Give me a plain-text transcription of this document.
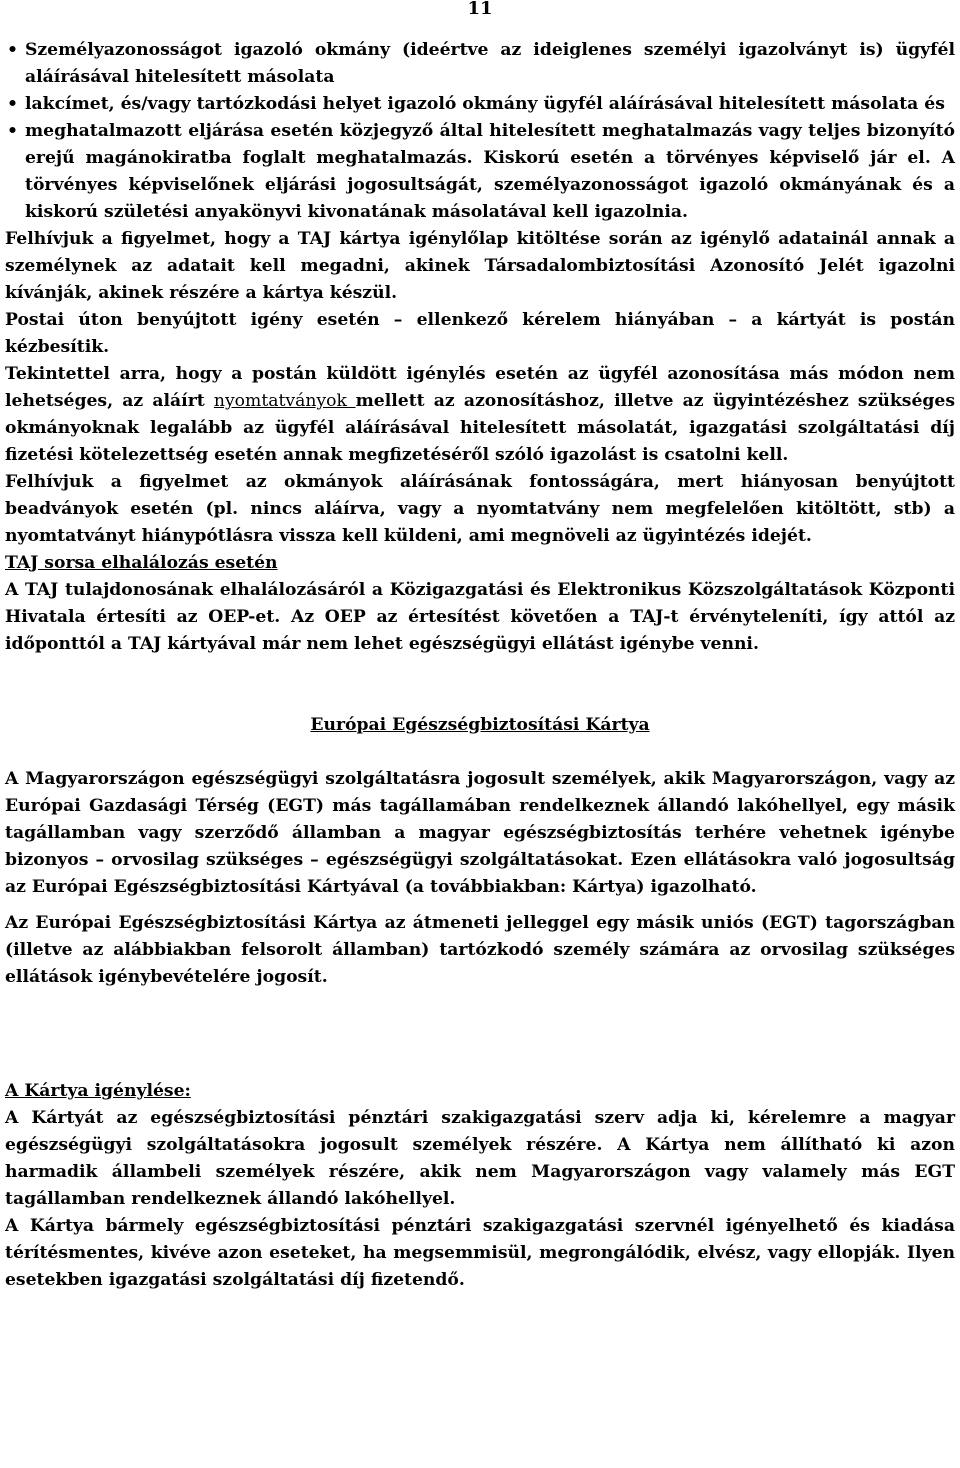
11
• Személyazonosságot igazoló okmány (ideértve az ideiglenes személyi igazolványt is) ügyfél aláírásával hitelesített másolata
• lakcímet, és/vagy tartózkodási helyet igazoló okmány ügyfél aláírásával hitelesített másolata és
• meghatalmazott eljárása esetén közjegyző által hitelesített meghatalmazás vagy teljes bizonyító erejű magánokiratba foglalt meghatalmazás. Kiskorú esetén a törvényes képviselő jár el. A törvényes képviselőnek eljárási jogosultságát, személyazonosságot igazoló okmányának és a kiskorú születési anyakönyvi kivonatának másolatával kell igazolnia.

Felhívjuk a figyelmet, hogy a TAJ kártya igénylőlap kitöltése során az igénylő adatainál annak a személynek az adatait kell megadni, akinek Társadalombiztosítási Azonosító Jelét igazolni kívánják, akinek részére a kártya készül.

Postai úton benyújtott igény esetén – ellenkező kérelem hiányában – a kártyát is postán kézbesítik.

Tekintettel arra, hogy a postán küldött igénylés esetén az ügyfél azonosítása más módon nem lehetséges, az aláírt nyomtatványok mellett az azonosításhoz, illetve az ügyintézéshez szükséges okmányoknak legalább az ügyfél aláírásával hitelesített másolatát, igazgatási szolgáltatási díj fizetési kötelezettség esetén annak megfizetéséről szóló igazolást is csatolni kell.

Felhívjuk a figyelmet az okmányok aláírásának fontosságára, mert hiányosan benyújtott beadványok esetén (pl. nincs aláírva, vagy a nyomtatvány nem megfelelően kitöltött, stb) a nyomtatványt hiánypótlásra vissza kell küldeni, ami megnöveli az ügyintézés idejét.

TAJ sorsa elhalálozás esetén

A TAJ tulajdonosának elhalálozásáról a Közigazgatási és Elektronikus Közszolgáltatások Központi Hivatala értesíti az OEP-et. Az OEP az értesítést követően a TAJ-t érvényteleníti, így attól az időponttól a TAJ kártyával már nem lehet egészségügyi ellátást igénybe venni.

Európai Egészségbiztosítási Kártya

A Magyarországon egészségügyi szolgáltatásra jogosult személyek, akik Magyarországon, vagy az Európai Gazdasági Térség (EGT) más tagállamában rendelkeznek állandó lakóhellyel, egy másik tagállamban vagy szerződő államban a magyar egészségbiztosítás terhére vehetnek igénybe bizonyos – orvosilag szükséges – egészségügyi szolgáltatásokat. Ezen ellátásokra való jogosultság az Európai Egészségbiztosítási Kártyával (a továbbiakban: Kártya) igazolható.

Az Európai Egészségbiztosítási Kártya az átmeneti jelleggel egy másik uniós (EGT) tagországban (illetve az alábbiakban felsorolt államban) tartózkodó személy számára az orvosilag szükséges ellátások igénybevételére jogosít.

A Kártya igénylése:

A Kártyát az egészségbiztosítási pénztári szakigazgatási szerv adja ki, kérelemre a magyar egészségügyi szolgáltatásokra jogosult személyek részére. A Kártya nem állítható ki azon harmadik állambeli személyek részére, akik nem Magyarországon vagy valamely más EGT tagállamban rendelkeznek állandó lakóhellyel.

A Kártya bármely egészségbiztosítási pénztári szakigazgatási szervnél igényelhető és kiadása térítésmentes, kivéve azon eseteket, ha megsemmisül, megrongálódik, elvész, vagy ellopják. Ilyen esetekben igazgatási szolgáltatási díj fizetendő.
